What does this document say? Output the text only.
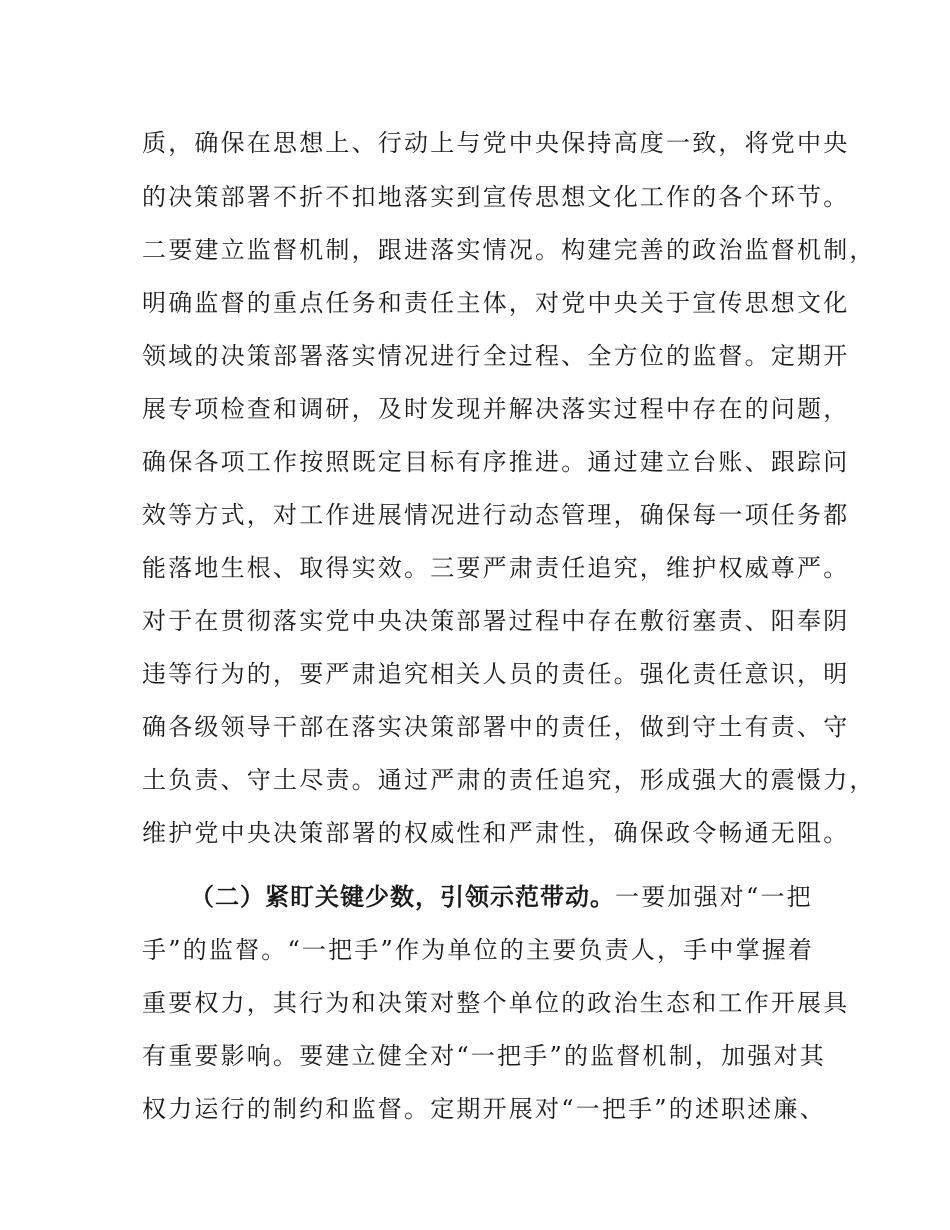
质，确保在思想上、行动上与党中央保持高度一致，将党中央
的决策部署不折不扣地落实到宣传思想文化工作的各个环节。
二要建立监督机制，跟进落实情况。构建完善的政治监督机制，
明确监督的重点任务和责任主体，对党中央关于宣传思想文化
领域的决策部署落实情况进行全过程、全方位的监督。定期开
展专项检查和调研，及时发现并解决落实过程中存在的问题，
确保各项工作按照既定目标有序推进。通过建立台账、跟踪问
效等方式，对工作进展情况进行动态管理，确保每一项任务都
能落地生根、取得实效。三要严肃责任追究，维护权威尊严。
对于在贯彻落实党中央决策部署过程中存在敷衍塞责、阳奉阴
违等行为的，要严肃追究相关人员的责任。强化责任意识，明
确各级领导干部在落实决策部署中的责任，做到守土有责、守
土负责、守土尽责。通过严肃的责任追究，形成强大的震慑力，
维护党中央决策部署的权威性和严肃性，确保政令畅通无阻。
（二）紧盯关键少数，引领示范带动。一要加强对“一把
手”的监督。“一把手”作为单位的主要负责人，手中掌握着
重要权力，其行为和决策对整个单位的政治生态和工作开展具
有重要影响。要建立健全对“一把手”的监督机制，加强对其
权力运行的制约和监督。定期开展对“一把手”的述职述廉、
